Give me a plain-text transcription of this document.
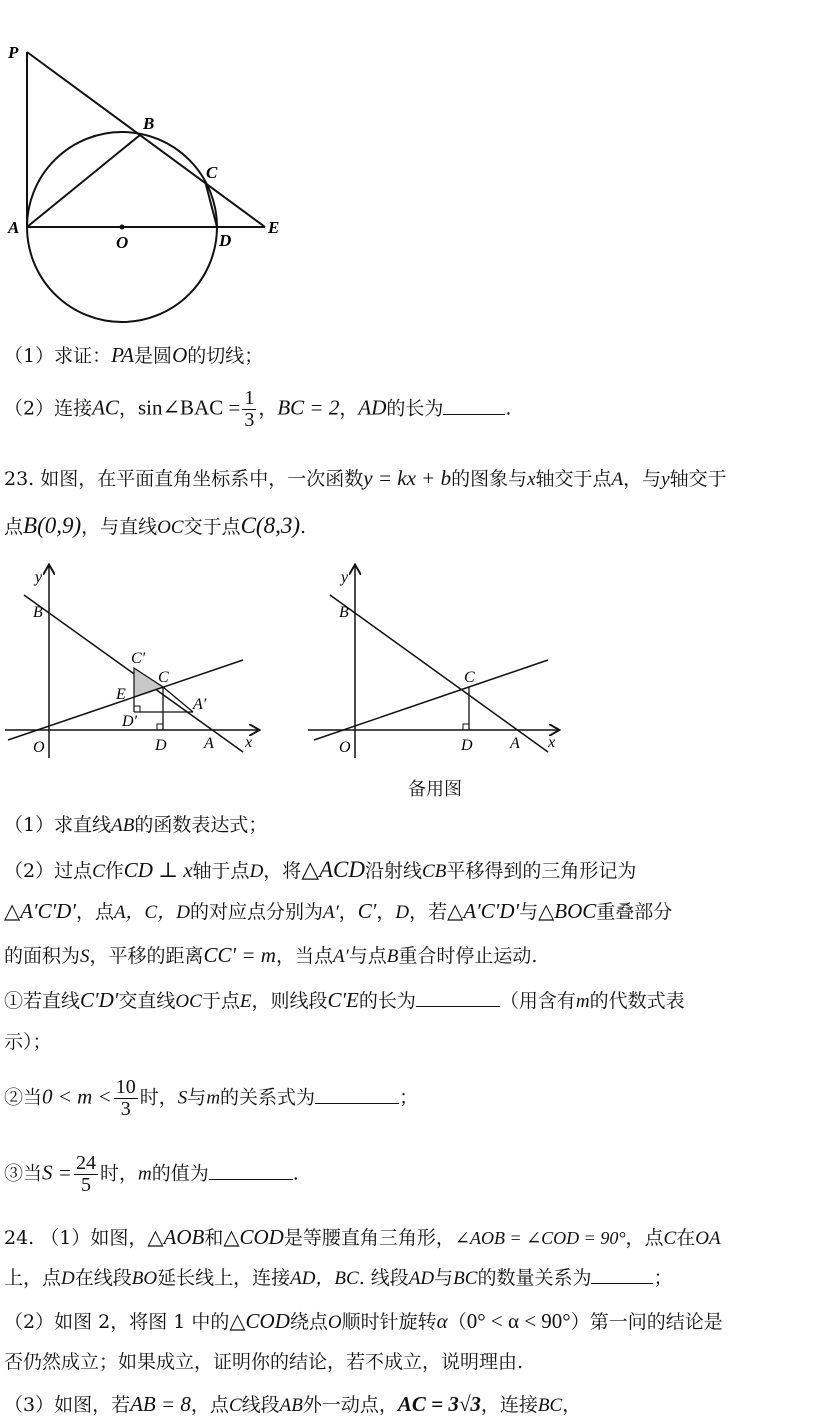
P
B
C
A
O	D
E
（1）求证：PA是圆O的切线；
（2）连接AC，sin∠BAC = $\frac{1}{3}$ ，BC = 2，AD的长为	.
23. 如图，在平面直角坐标系中，一次函数y = kx + b的图象与x轴交于点A，与y轴交于
点B(0,9)，与直线OC交于点C(8,3).
y
B
O
C′
C
E
D′
A′
D A x
y
B
O
C
D A x
备用图
（1）求直线AB的函数表达式；
（2）过点C作CD ⊥ x轴于点D，将△ACD沿射线CB平移得到的三角形记为
△A′C′D′，点A，C，D的对应点分别为A′，C′，D，若△A′C′D′与△BOC重叠部分
的面积为S，平移的距离CC′ = m，当点A′与点B重合时停止运动.
①若直线C′D′交直线OC于点E，则线段C′E的长为	（用含有m的代数式表
示）；
②当$0 < m < \frac{10}{3}$ 时，S与m的关系式为	；
③当$S = \frac{24}{5}$ 时，m的值为	.
24. （1）如图，△AOB和△COD是等腰直角三角形，∠AOB = ∠COD = 90°，点C在OA
上，点D在线段BO延长线上，连接AD，BC. 线段AD与BC的数量关系为	；
（2）如图 2，将图 1 中的△COD绕点O顺时针旋转α（0° < α < 90°）第一问的结论是
否仍然成立；如果成立，证明你的结论，若不成立，说明理由.
（3）如图，若AB = 8，点C线段AB外一动点，AC = 3√3，连接BC，
